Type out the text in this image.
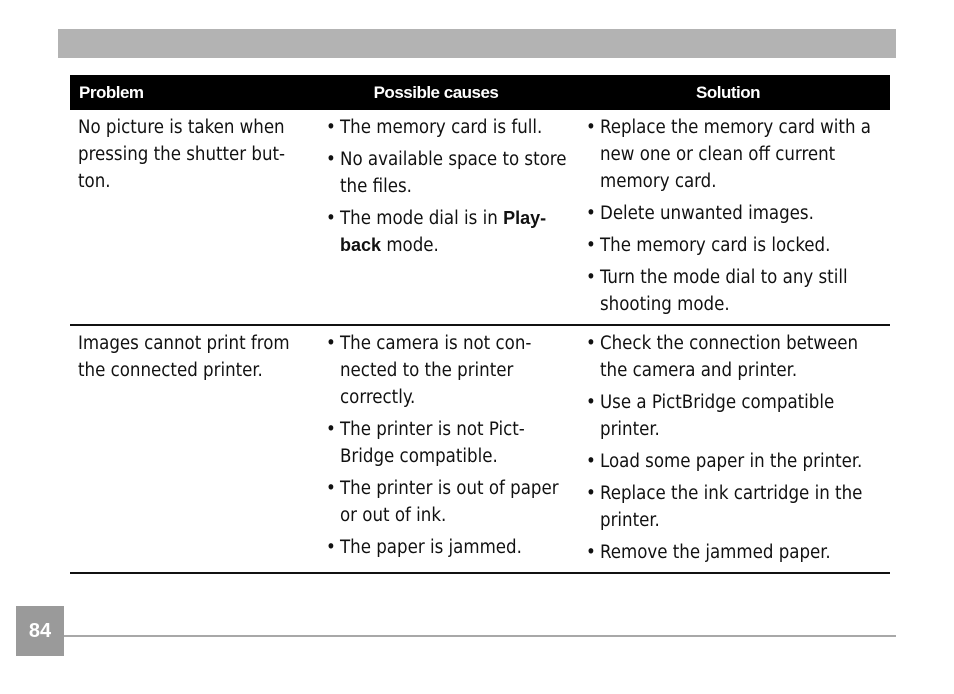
Problem	Possible causes	Solution
No picture is taken when pressing the shutter but-ton.
• The memory card is full.
• No available space to store the files.
• The mode dial is in Play-back mode.
• Replace the memory card with a new one or clean off current memory card.
• Delete unwanted images.
• The memory card is locked.
• Turn the mode dial to any still shooting mode.
Images cannot print from the connected printer.
• The camera is not con-nected to the printer correctly.
• The printer is not Pict-Bridge compatible.
• The printer is out of paper or out of ink.
• The paper is jammed.
• Check the connection between the camera and printer.
• Use a PictBridge compatible printer.
• Load some paper in the printer.
• Replace the ink cartridge in the printer.
• Remove the jammed paper.
84
